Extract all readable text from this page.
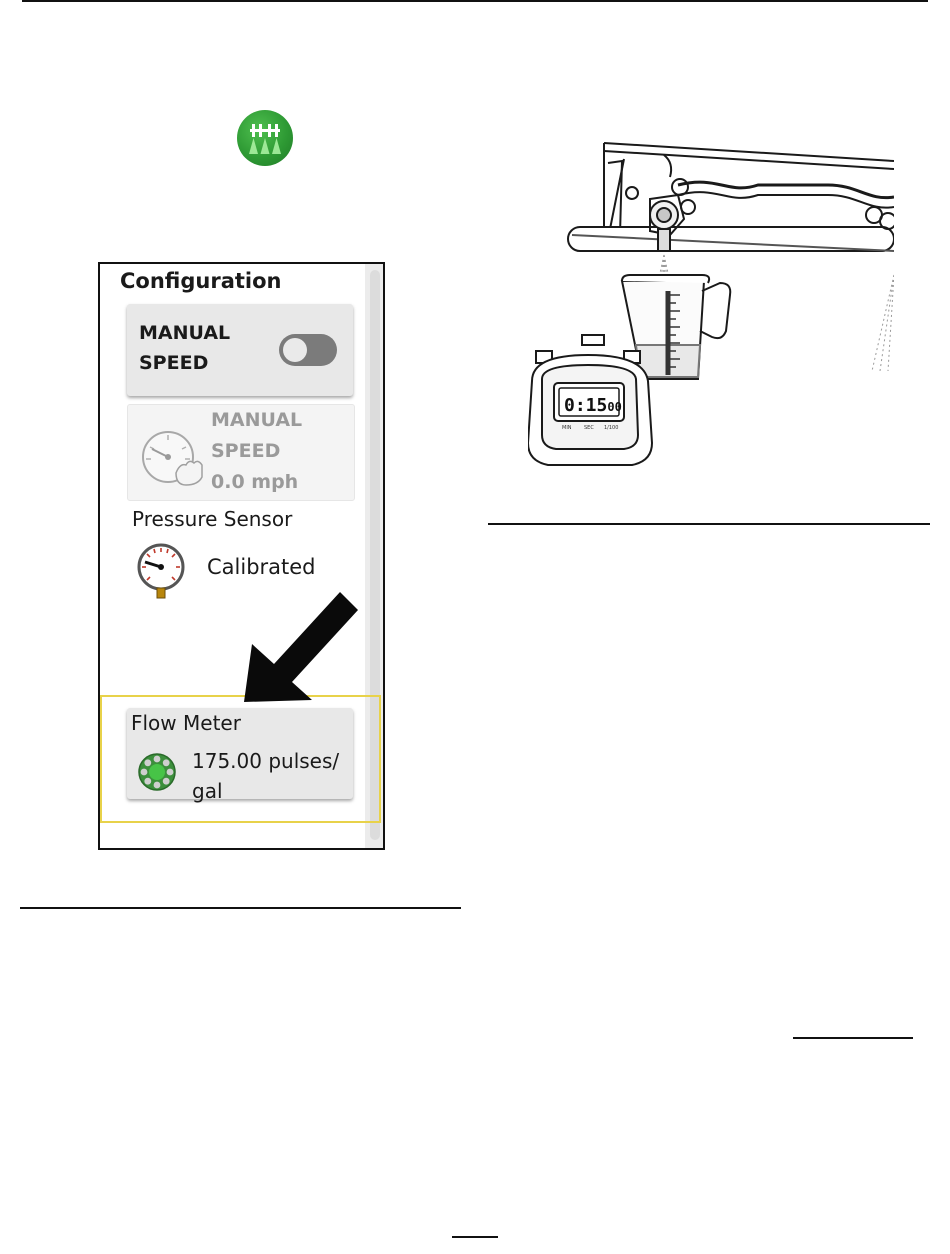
Configuration
MANUAL
SPEED
MANUAL
SPEED
0.0 mph
Pressure Sensor
Calibrated
Flow Meter
175.00 pulses/
gal
0:1500
MIN SEC 1/100
